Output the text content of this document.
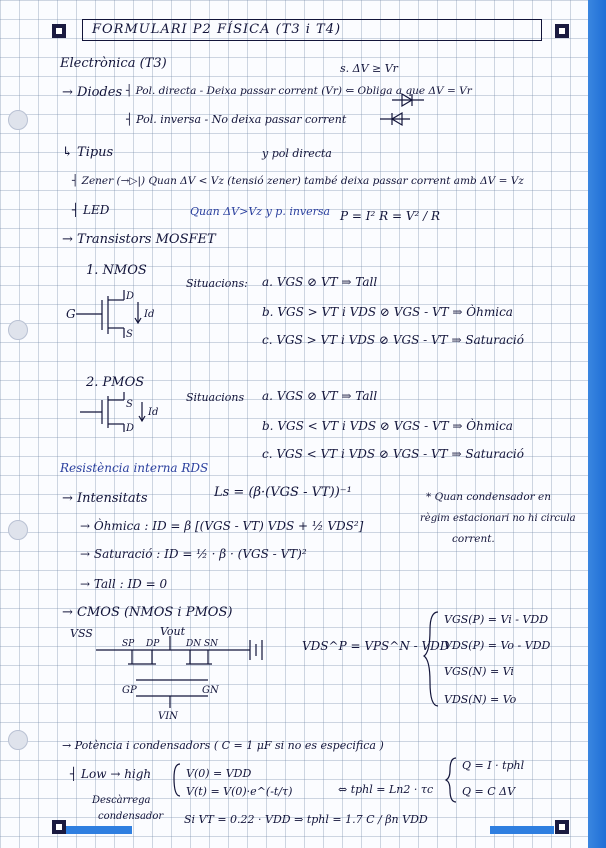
FORMULARI P2 FÍSICA (T3 i T4)
Electrònica (T3)	s. ΔV ≥ Vr
→ Diodes ┤ Pol. directa - Deixa passar corrent (Vr) ⇐ Obliga a que ΔV = Vr
┤ Pol. inversa - No deixa passar corrent
y pol directa
↳ Tipus
┤ Zener (→▷|) Quan ΔV < Vz (tensió zener) també deixa passar corrent amb ΔV = Vz
┤ LED	Quan ΔV>Vz y p. inversa P = I² R = V² / R
→ Transistors MOSFET
1. NMOS
Situacions:
G
D
S
Id
a. VGS ⊘ VT ⇒ Tall
b. VGS > VT i VDS ⊘ VGS - VT ⇒ Òhmica
c. VGS > VT i VDS ⊘ VGS - VT ⇒ Saturació
2. PMOS
Situacions
S
D
Id
a. VGS ⊘ VT ⇒ Tall
b. VGS < VT i VDS ⊘ VGS - VT ⇒ Òhmica
c. VGS < VT i VDS ⊘ VGS - VT ⇒ Saturació
Resistència interna RDS
→ Intensitats	Ls = (β·(VGS - VT))⁻¹	* Quan condensador en
règim estacionari no hi circula
corrent.
→ Òhmica : ID = β [(VGS - VT) VDS + ½ VDS²]
→ Saturació : ID = ½ · β · (VGS - VT)²
→ Tall : ID = 0
→ CMOS (NMOS i PMOS)
VSS	Vout
SP DP	DN SN
GP	GN
VIN
VDS^P = VPS^N - VDD
VGS(P) = Vi - VDD
VDS(P) = Vo - VDD
VGS(N) = Vi
VDS(N) = Vo
→ Potència i condensadors ( C = 1 μF si no es especifica )
┤ Low → high
Descàrrega
condensador
V(0) = VDD
V(t) = V(0)·e^(-t/τ)	⇔ tphl = Ln2 · τc
Si VT = 0.22 · VDD ⇒ tphl = 1.7 C / βn VDD
Q = I · tphl
Q = C ΔV
